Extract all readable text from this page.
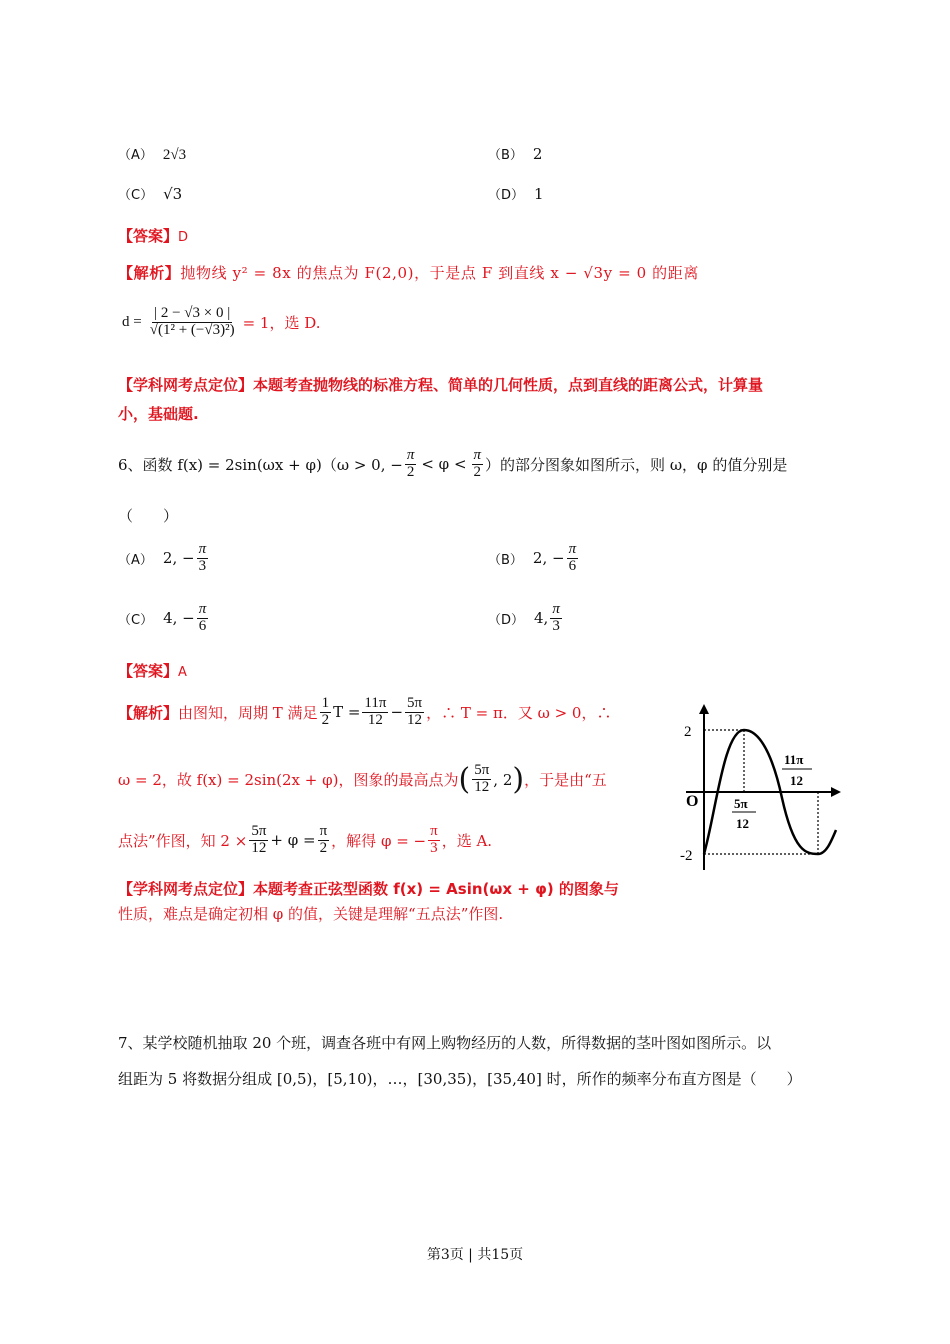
（A） 2√3	（B） 2
（C） √3	（D） 1
【答案】D
【解析】抛物线 y² = 8x 的焦点为 F(2,0)，于是点 F 到直线 x − √3y = 0 的距离
$d = \frac{| 2 - √3 \times 0 |}{\text{√(1² + (−√3)²)}} = 1$，选 D.
【学科网考点定位】本题考查抛物线的标准方程、简单的几何性质，点到直线的距离公式，计算量
小，基础题.
6、 函数 f(x) = 2sin(ωx + φ)（ω > 0, − $\frac{\pi}{2} < \varphi < \frac{\pi}{2}$ ）的部分图象如图所示，则 ω，φ 的值分别是
（　　）
（A） 2, − $\frac{\pi}{3}$	（B） 2, − $\frac{\pi}{6}$
（C） 4, − $\frac{\pi}{6}$	（D） 4, $\frac{\pi}{3}$
【答案】A
【解析】 由图知，周期 T 满足 $\frac{1}{2}$ $T = \frac{11\pi}{12} - \frac{5\pi}{12}$ ，∴ T = π．又 ω > 0，∴
ω = 2，故 f(x) = 2sin(2x + φ)，图象的最高点为 ( $\frac{5\pi}{12}$ , 2 ) ，于是由“五
点法”作图，知 $2 \times \frac{5\pi}{12} + \varphi = \frac{\pi}{2}$ ，解得 φ = − $\frac{\pi}{3}$ ，选 A.
【学科网考点定位】本题考查正弦型函数 f(x) = Asin(ωx + φ) 的图象与
性质，难点是确定初相 φ 的值，关键是理解“五点法”作图.
2
-2
O	5π
12
11π
12
7、某学校随机抽取 20 个班，调查各班中有网上购物经历的人数，所得数据的茎叶图如图所示。以
组距为 5 将数据分组成 [0,5)，[5,10)，…，[30,35)，[35,40] 时，所作的频率分布直方图是（　　）
第3页 | 共15页
